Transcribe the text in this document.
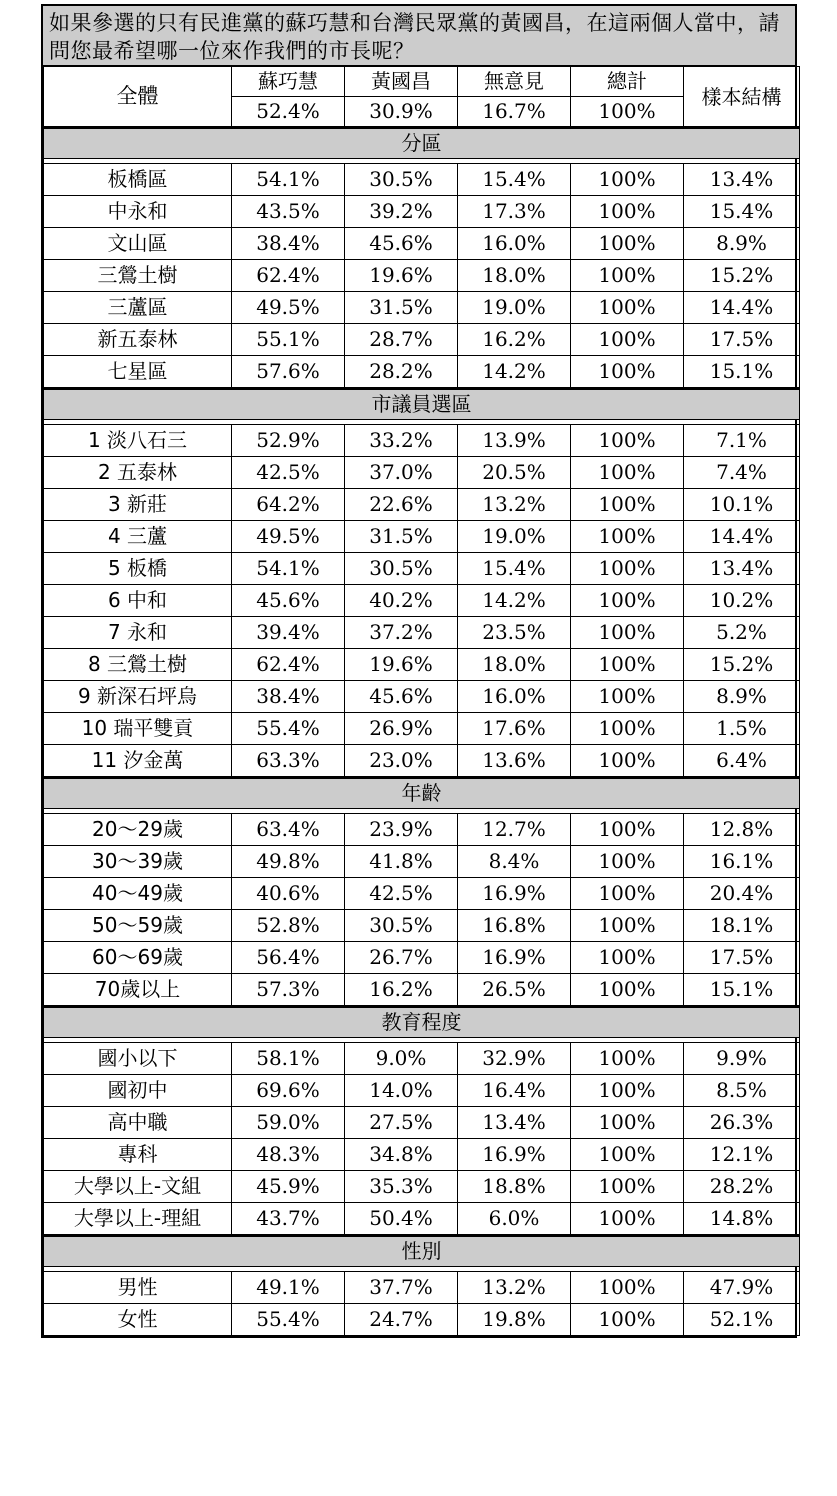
如果參選的只有民進黨的蘇巧慧和台灣民眾黨的黃國昌，在這兩個人當中，請問您最希望哪一位來作我們的市長呢？
全體	蘇巧慧	黃國昌	無意見	總計	樣本結構
	52.4%	30.9%	16.7%	100%	
分區					

板橋區	54.1%	30.5%	15.4%	100%	13.4%
中永和	43.5%	39.2%	17.3%	100%	15.4%
文山區	38.4%	45.6%	16.0%	100%	8.9%
三鶯土樹	62.4%	19.6%	18.0%	100%	15.2%
三蘆區	49.5%	31.5%	19.0%	100%	14.4%
新五泰林	55.1%	28.7%	16.2%	100%	17.5%
七星區	57.6%	28.2%	14.2%	100%	15.1%
市議員選區					

1 淡八石三	52.9%	33.2%	13.9%	100%	7.1%
2 五泰林	42.5%	37.0%	20.5%	100%	7.4%
3 新莊	64.2%	22.6%	13.2%	100%	10.1%
4 三蘆	49.5%	31.5%	19.0%	100%	14.4%
5 板橋	54.1%	30.5%	15.4%	100%	13.4%
6 中和	45.6%	40.2%	14.2%	100%	10.2%
7 永和	39.4%	37.2%	23.5%	100%	5.2%
8 三鶯土樹	62.4%	19.6%	18.0%	100%	15.2%
9 新深石坪烏	38.4%	45.6%	16.0%	100%	8.9%
10 瑞平雙貢	55.4%	26.9%	17.6%	100%	1.5%
11 汐金萬	63.3%	23.0%	13.6%	100%	6.4%
年齡					

20～29歲	63.4%	23.9%	12.7%	100%	12.8%
30～39歲	49.8%	41.8%	8.4%	100%	16.1%
40～49歲	40.6%	42.5%	16.9%	100%	20.4%
50～59歲	52.8%	30.5%	16.8%	100%	18.1%
60～69歲	56.4%	26.7%	16.9%	100%	17.5%
70歲以上	57.3%	16.2%	26.5%	100%	15.1%
教育程度					

國小以下	58.1%	9.0%	32.9%	100%	9.9%
國初中	69.6%	14.0%	16.4%	100%	8.5%
高中職	59.0%	27.5%	13.4%	100%	26.3%
專科	48.3%	34.8%	16.9%	100%	12.1%
大學以上-文組	45.9%	35.3%	18.8%	100%	28.2%
大學以上-理組	43.7%	50.4%	6.0%	100%	14.8%
性別					

男性	49.1%	37.7%	13.2%	100%	47.9%
女性	55.4%	24.7%	19.8%	100%	52.1%
